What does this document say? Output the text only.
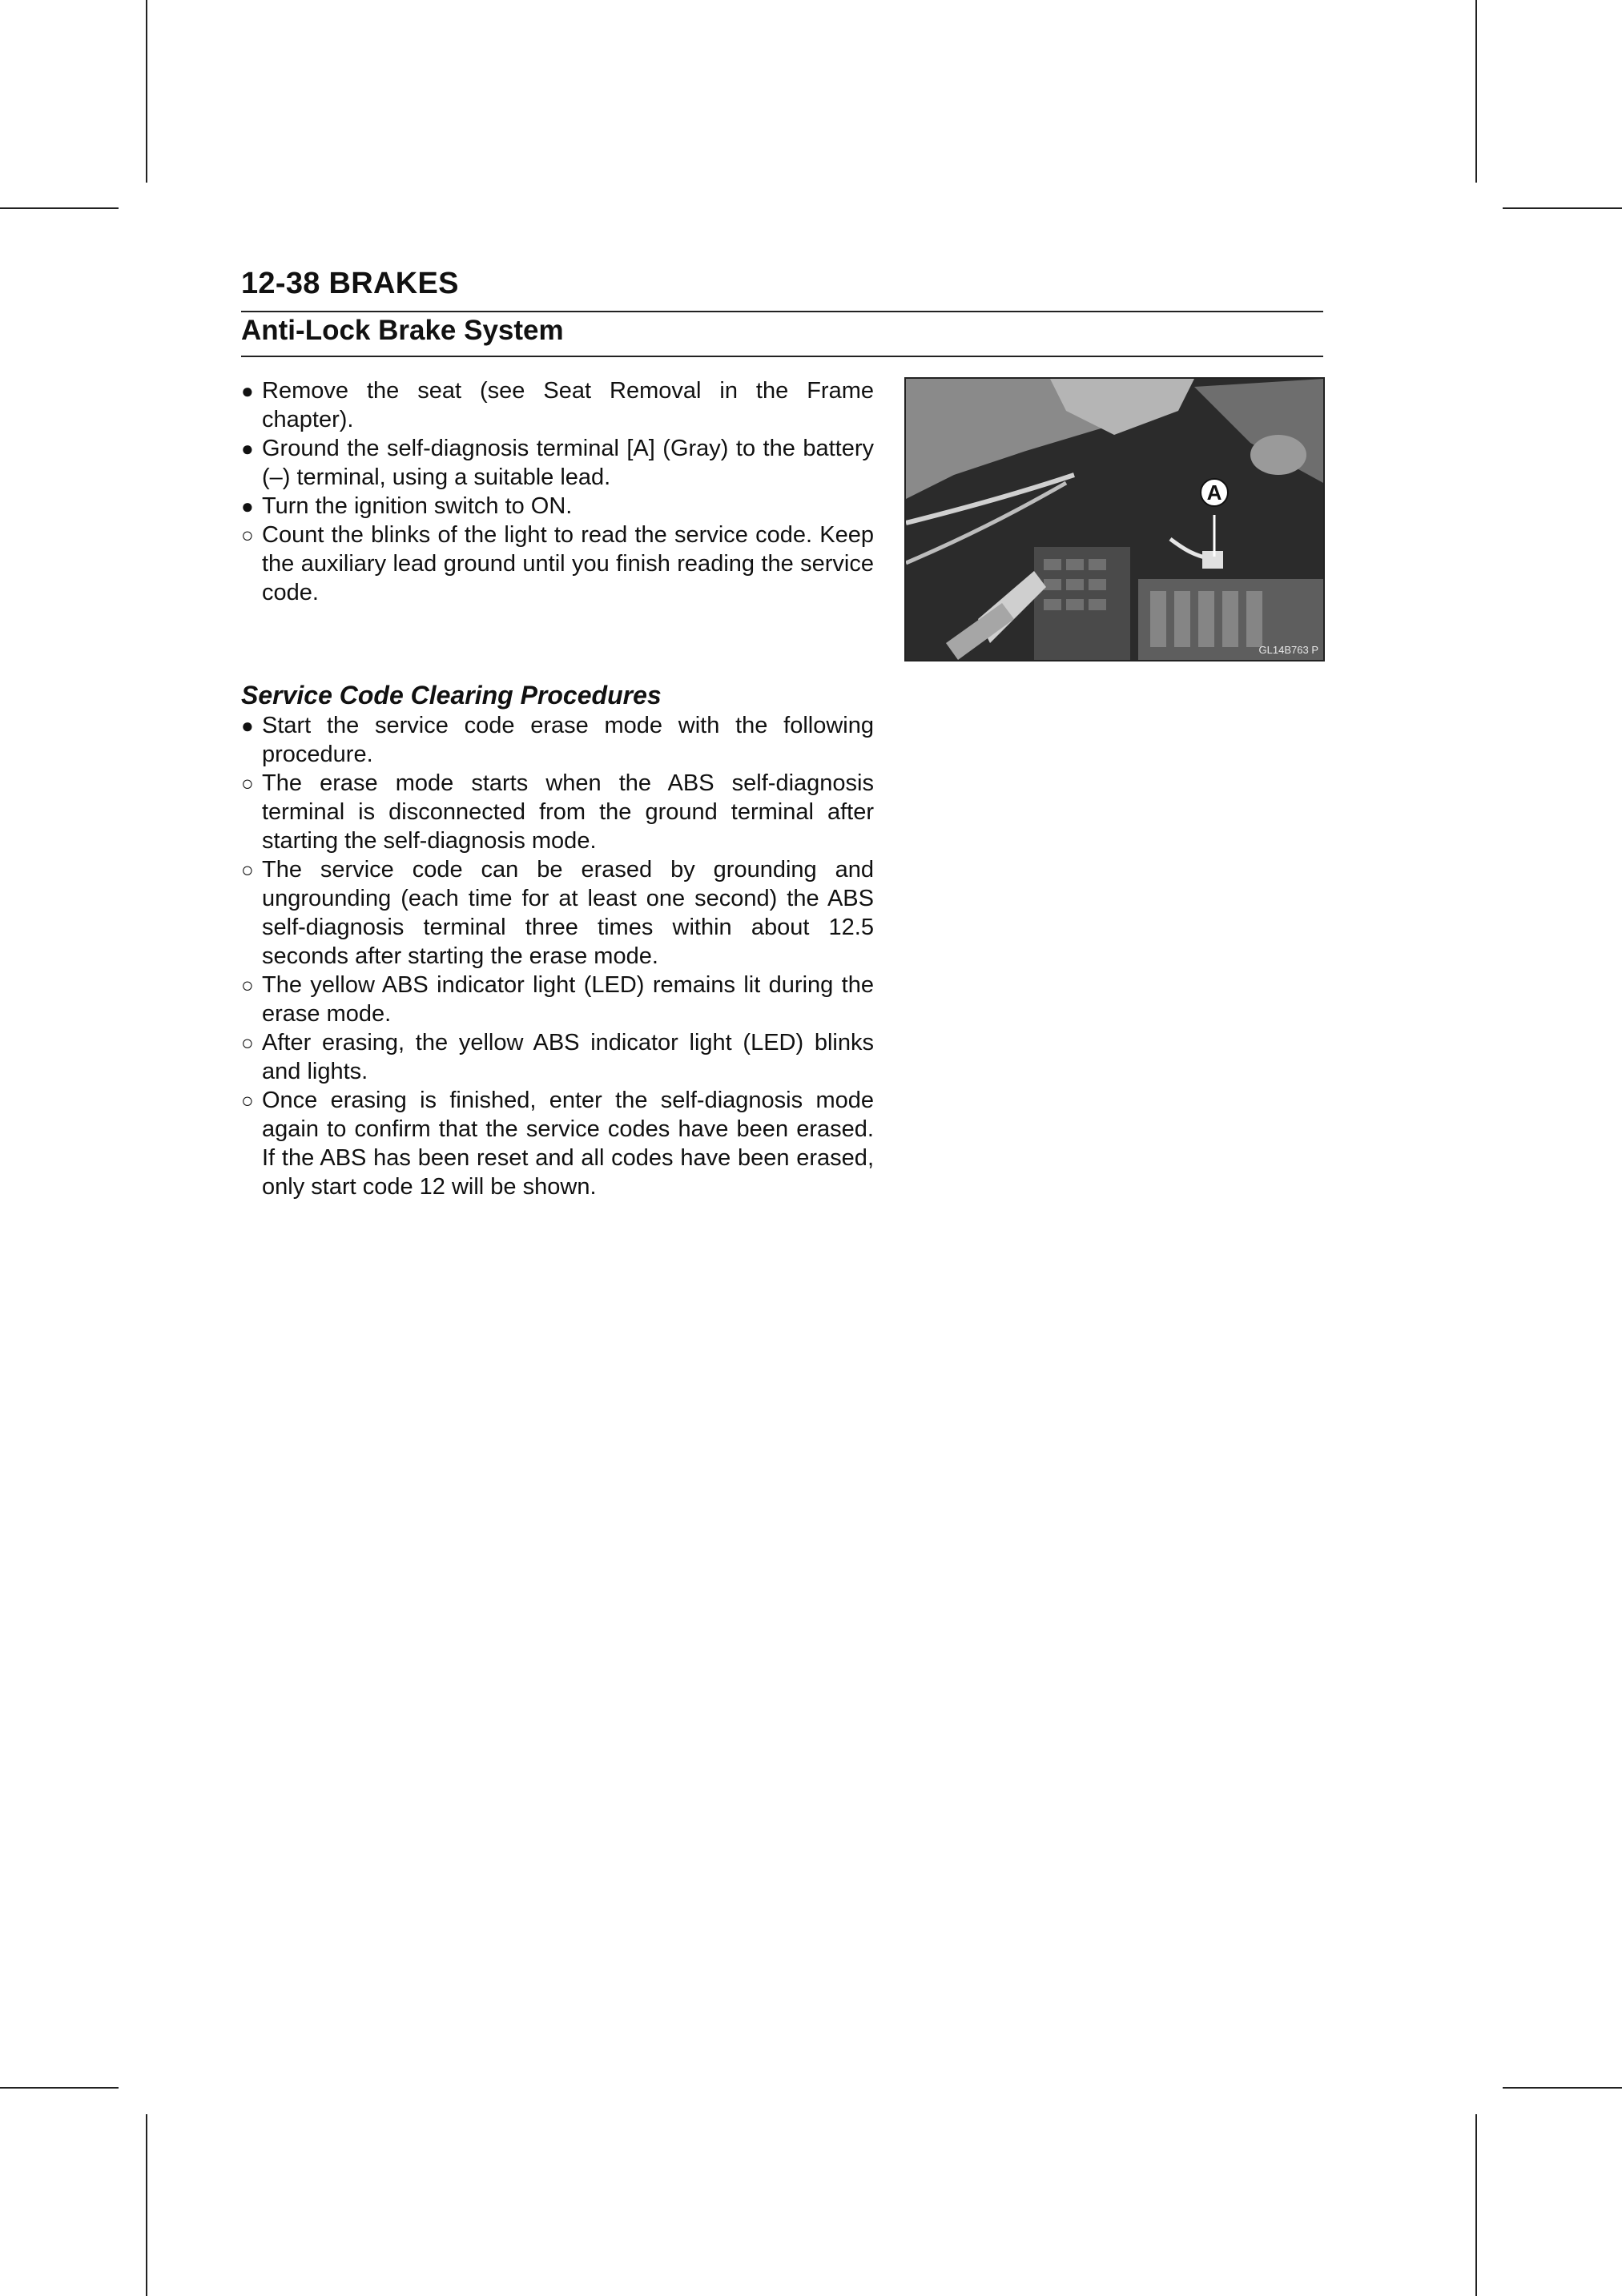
12-38 BRAKES
Anti-Lock Brake System
● Remove the seat (see Seat Removal in the Frame chapter).
● Ground the self-diagnosis terminal [A] (Gray) to the battery (–) terminal, using a suitable lead.
● Turn the ignition switch to ON.
○ Count the blinks of the light to read the service code. Keep the auxiliary lead ground until you finish reading the service code.
A
GL14B763 P
Service Code Clearing Procedures
● Start the service code erase mode with the following procedure.
○ The erase mode starts when the ABS self-diagnosis terminal is disconnected from the ground terminal after starting the self-diagnosis mode.
○ The service code can be erased by grounding and ungrounding (each time for at least one second) the ABS self-diagnosis terminal three times within about 12.5 seconds after starting the erase mode.
○ The yellow ABS indicator light (LED) remains lit during the erase mode.
○ After erasing, the yellow ABS indicator light (LED) blinks and lights.
○ Once erasing is finished, enter the self-diagnosis mode again to confirm that the service codes have been erased. If the ABS has been reset and all codes have been erased, only start code 12 will be shown.
